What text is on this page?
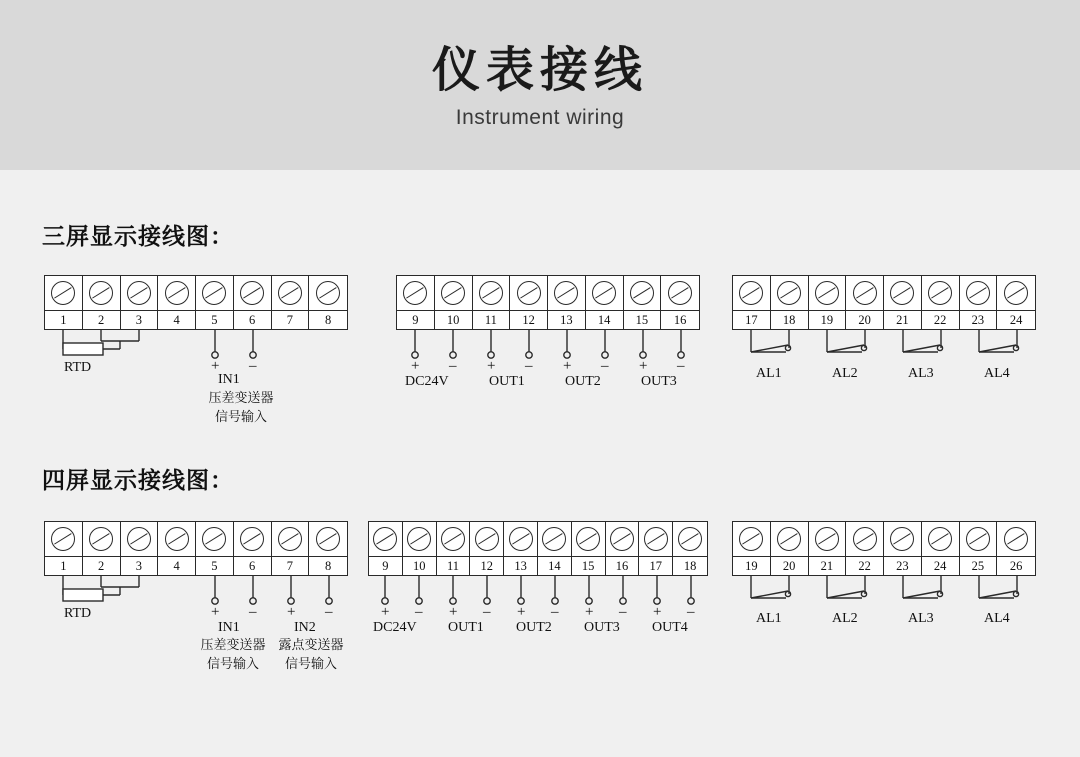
仪表接线
Instrument wiring
三屏显示接线图：
1	2	3	4	5	6	7	8	9 10 11 12 13 14 15 16	17 18 19 20 21 22 23 24
RTD	+ –
IN1
压差变送器
信号输入
+ –
DC24V
+ –
OUT1
+ –
OUT2
+ –
OUT3
AL1	AL2	AL3	AL4
四屏显示接线图：
1	2	3	4	5	6	7	8	9 10 11 12 13 14 15 16 17 18	19 20 21 22 23 24 25 26
RTD	+ –
IN1
+ –
IN2
压差变送器
信号输入
露点变送器
信号输入
+ –
DC24V
+ –
OUT1
+ –
OUT2
+ –
OUT3
+ –
OUT4
AL1	AL2	AL3	AL4
